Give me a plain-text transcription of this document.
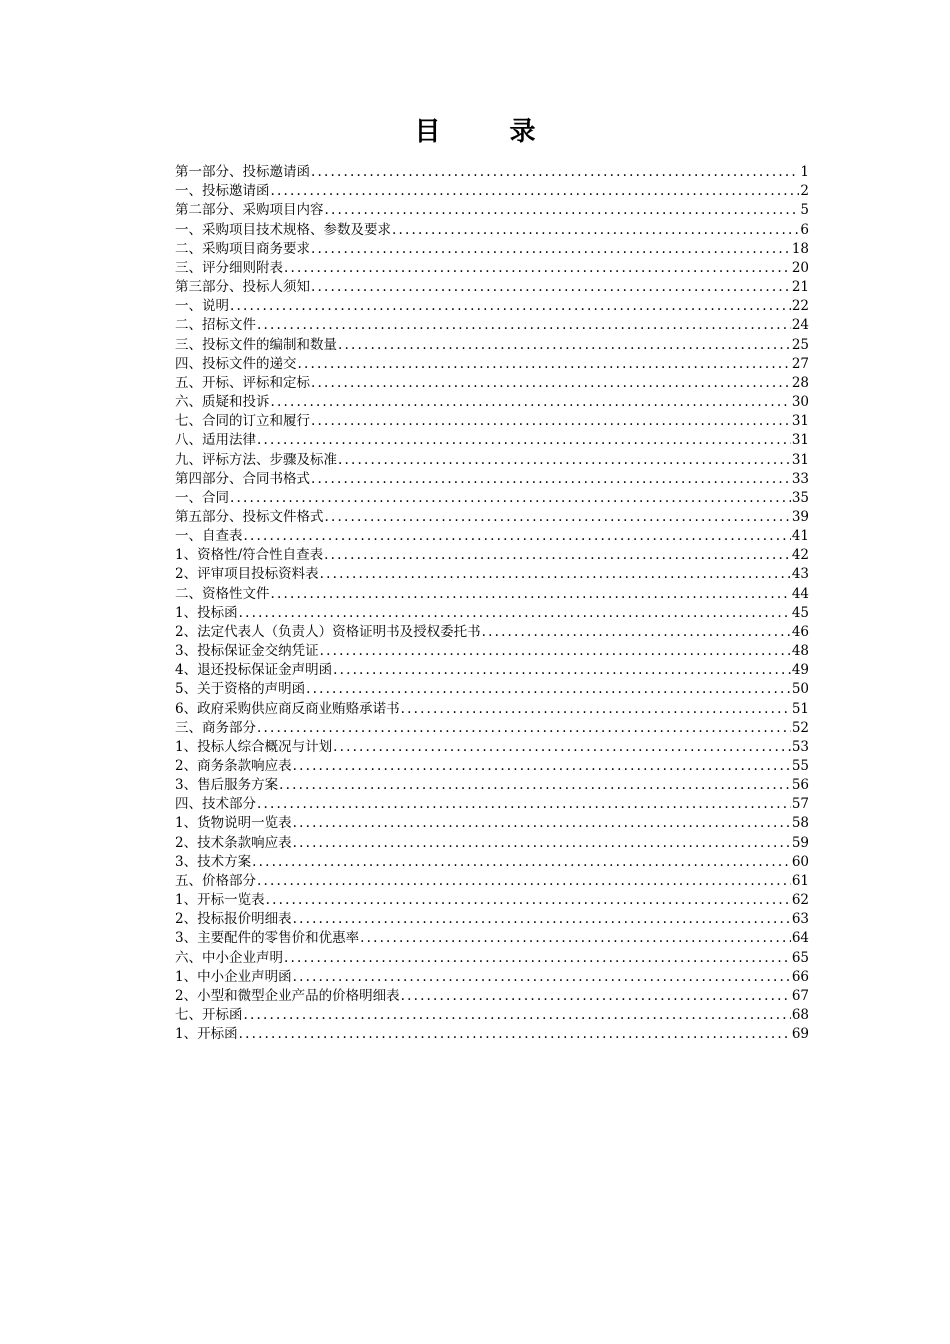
目 录
第一部分、投标邀请函 .....	1
一、投标邀请函 .....	2
第二部分、采购项目内容 .....	5
一、采购项目技术规格、参数及要求 .....	6
二、采购项目商务要求 .....	18
三、评分细则附表 .....	20
第三部分、投标人须知 .....	21
一、说明 .....	22
二、招标文件 .....	24
三、投标文件的编制和数量 .....	25
四、投标文件的递交 .....	27
五、开标、评标和定标 .....	28
六、质疑和投诉 .....	30
七、合同的订立和履行 .....	31
八、适用法律 .....	31
九、评标方法、步骤及标准 .....	31
第四部分、合同书格式 .....	33
一、合同 .....	35
第五部分、投标文件格式 .....	39
一、自查表 .....	41
1、资格性/符合性自查表 .....	42
2、评审项目投标资料表 .....	43
二、资格性文件 .....	44
1、投标函 .....	45
2、法定代表人（负责人）资格证明书及授权委托书 .....	46
3、投标保证金交纳凭证 .....	48
4、退还投标保证金声明函 .....	49
5、关于资格的声明函 .....	50
6、政府采购供应商反商业贿赂承诺书 .....	51
三、商务部分 .....	52
1、投标人综合概况与计划 .....	53
2、商务条款响应表 .....	55
3、售后服务方案 .....	56
四、技术部分 .....	57
1、货物说明一览表 .....	58
2、技术条款响应表 .....	59
3、技术方案 .....	60
五、价格部分 .....	61
1、开标一览表 .....	62
2、投标报价明细表 .....	63
3、主要配件的零售价和优惠率 .....	64
六、中小企业声明 .....	65
1、中小企业声明函 .....	66
2、小型和微型企业产品的价格明细表 .....	67
七、开标函 .....	68
1、开标函 .....	69
